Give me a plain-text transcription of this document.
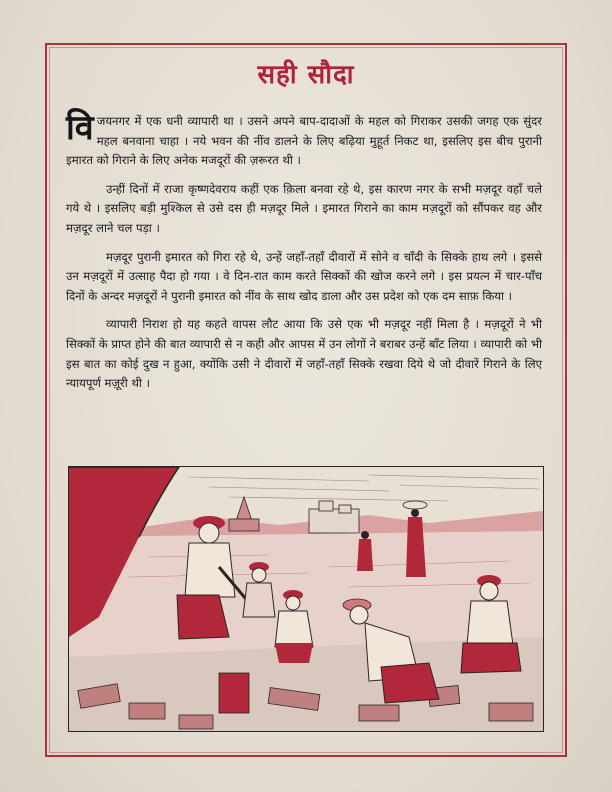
सही सौदा

विजयनगर में एक धनी व्यापारी था । उसने अपने बाप-दादाओं के महल को गिराकर उसकी जगह एक सुंदर महल बनवाना चाहा । नये भवन की नींव डालने के लिए बढ़िया मुहूर्त निकट था, इसलिए इस बीच पुरानी इमारत को गिराने के लिए अनेक मजदूरों की ज़रूरत थी ।

उन्हीं दिनों में राजा कृष्णदेवराय कहीं एक क़िला बनवा रहे थे, इस कारण नगर के सभी मज़दूर वहाँ चले गये थे । इसलिए बड़ी मुश्किल से उसे दस ही मज़दूर मिले । इमारत गिराने का काम मज़दूरों को सौंपकर वह और मज़दूर लाने चल पड़ा ।

मज़दूर पुरानी इमारत को गिरा रहे थे, उन्हें जहाँ-तहाँ दीवारों में सोने व चाँदी के सिक्के हाथ लगे । इससे उन मज़दूरों में उत्साह पैदा हो गया । वे दिन-रात काम करते सिक्कों की खोज करने लगे । इस प्रयत्न में चार-पाँच दिनों के अन्दर मज़दूरों ने पुरानी इमारत को नींव के साथ खोद डाला और उस प्रदेश को एक दम साफ़ किया ।

व्यापारी निराश हो यह कहते वापस लौट आया कि उसे एक भी मज़दूर नहीं मिला है । मज़दूरों ने भी सिक्कों के प्राप्त होने की बात व्यापारी से न कही और आपस में उन लोगों ने बराबर उन्हें बाँट लिया । व्यापारी को भी इस बात का कोई दुख न हुआ, क्योंकि उसी ने दीवारों में जहाँ-तहाँ सिक्के रखवा दिये थे जो दीवारें गिराने के लिए न्यायपूर्ण मज़ूरी थी ।
